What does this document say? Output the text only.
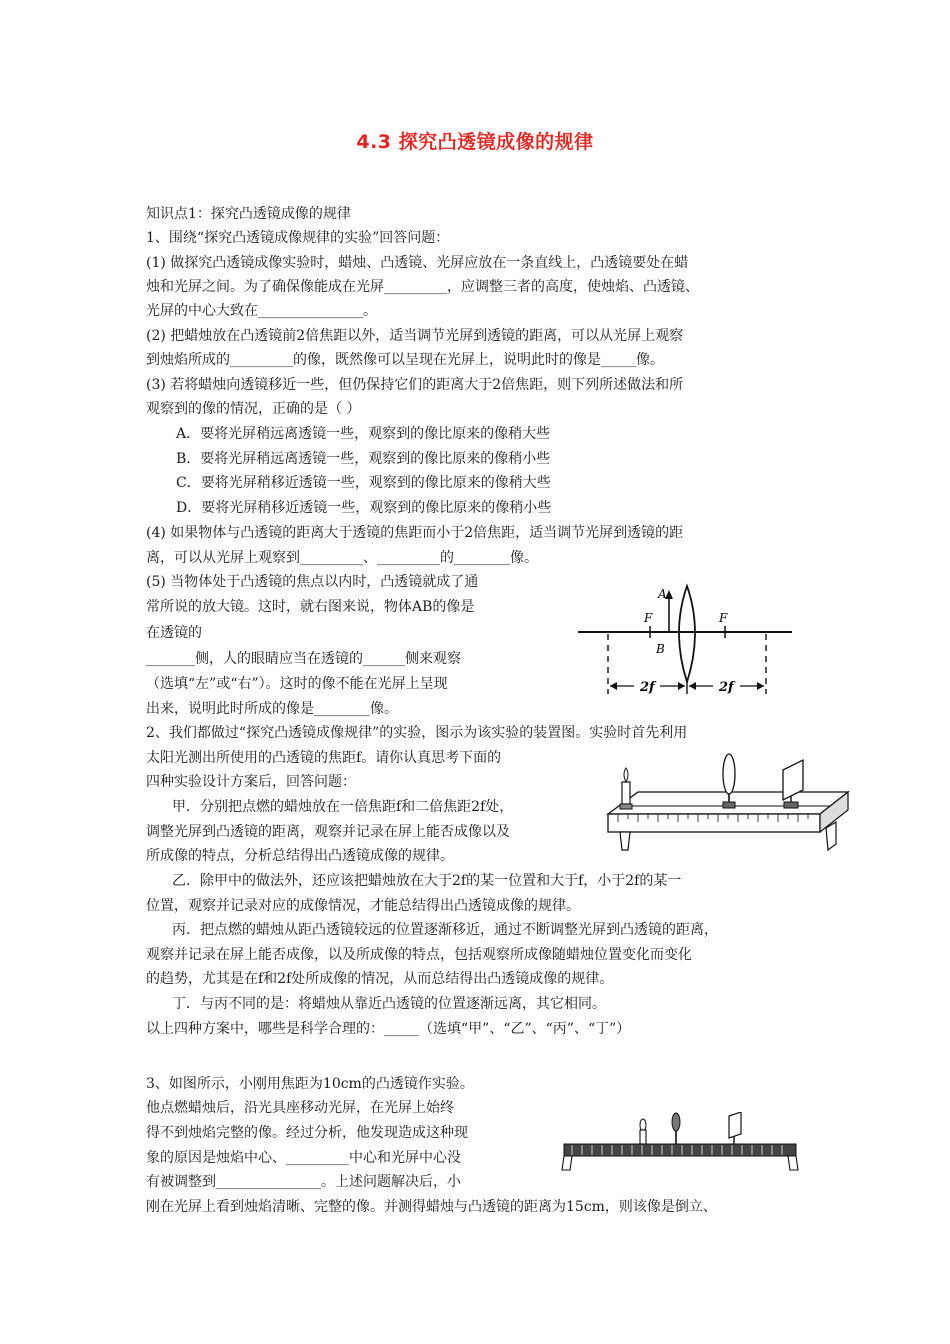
4.3 探究凸透镜成像的规律
知识点1：探究凸透镜成像的规律
1、围绕“探究凸透镜成像规律的实验”回答问题：
(1) 做探究凸透镜成像实验时，蜡烛、凸透镜、光屏应放在一条直线上，凸透镜要处在蜡
烛和光屏之间。为了确保像能成在光屏_________，应调整三者的高度，使烛焰、凸透镜、
光屏的中心大致在_______________。
(2) 把蜡烛放在凸透镜前2倍焦距以外，适当调节光屏到透镜的距离，可以从光屏上观察
到烛焰所成的_________的像，既然像可以呈现在光屏上，说明此时的像是_____像。
(3) 若将蜡烛向透镜移近一些，但仍保持它们的距离大于2倍焦距，则下列所述做法和所
观察到的像的情况，正确的是（ ）
A．要将光屏稍远离透镜一些，观察到的像比原来的像稍大些
B．要将光屏稍远离透镜一些，观察到的像比原来的像稍小些
C．要将光屏稍移近透镜一些，观察到的像比原来的像稍大些
D．要将光屏稍移近透镜一些，观察到的像比原来的像稍小些
(4) 如果物体与凸透镜的距离大于透镜的焦距而小于2倍焦距，适当调节光屏到透镜的距
离，可以从光屏上观察到_________、_________的________像。
(5) 当物体处于凸透镜的焦点以内时，凸透镜就成了通
常所说的放大镜。这时，就右图来说，物体AB的像是
在透镜的
_______侧，人的眼睛应当在透镜的______侧来观察
（选填“左”或“右”）。这时的像不能在光屏上呈现
出来，说明此时所成的像是________像。
2、我们都做过“探究凸透镜成像规律”的实验，图示为该实验的装置图。实验时首先利用
太阳光测出所使用的凸透镜的焦距f。请你认真思考下面的
四种实验设计方案后，回答问题：
甲．分别把点燃的蜡烛放在一倍焦距f和二倍焦距2f处，
调整光屏到凸透镜的距离，观察并记录在屏上能否成像以及
所成像的特点，分析总结得出凸透镜成像的规律。
乙．除甲中的做法外，还应该把蜡烛放在大于2f的某一位置和大于f，小于2f的某一
位置，观察并记录对应的成像情况，才能总结得出凸透镜成像的规律。
丙．把点燃的蜡烛从距凸透镜较远的位置逐渐移近，通过不断调整光屏到凸透镜的距离，
观察并记录在屏上能否成像，以及所成像的特点，包括观察所成像随蜡烛位置变化而变化
的趋势，尤其是在f和2f处所成像的情况，从而总结得出凸透镜成像的规律。
丁．与丙不同的是：将蜡烛从靠近凸透镜的位置逐渐远离，其它相同。
以上四种方案中，哪些是科学合理的：_____（选填“甲”、“乙”、“丙”、“丁”）
3、如图所示，小刚用焦距为10cm的凸透镜作实验。
他点燃蜡烛后，沿光具座移动光屏，在光屏上始终
得不到烛焰完整的像。经过分析，他发现造成这种现
象的原因是烛焰中心、_________中心和光屏中心没
有被调整到_______________。上述问题解决后，小
刚在光屏上看到烛焰清晰、完整的像。并测得蜡烛与凸透镜的距离为15cm，则该像是倒立、
A
B
F	F
2f	2f
